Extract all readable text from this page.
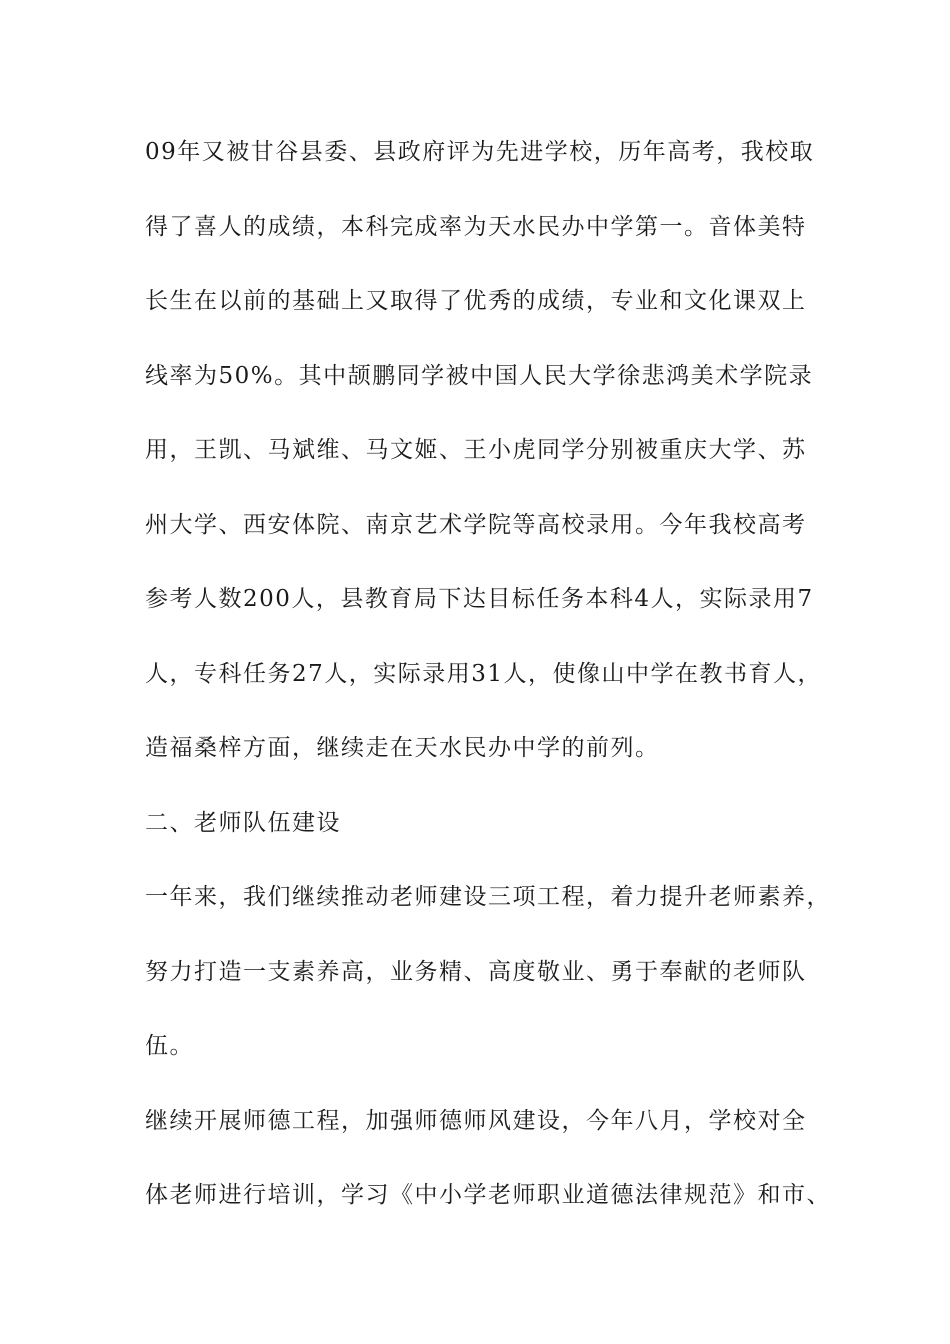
09年又被甘谷县委、县政府评为先进学校，历年高考，我校取
得了喜人的成绩，本科完成率为天水民办中学第一。音体美特
长生在以前的基础上又取得了优秀的成绩，专业和文化课双上
线率为50%。其中颉鹏同学被中国人民大学徐悲鸿美术学院录
用，王凯、马斌维、马文姬、王小虎同学分别被重庆大学、苏
州大学、西安体院、南京艺术学院等高校录用。今年我校高考
参考人数200人，县教育局下达目标任务本科4人，实际录用7
人，专科任务27人，实际录用31人，使像山中学在教书育人，
造福桑梓方面，继续走在天水民办中学的前列。
二、老师队伍建设
一年来，我们继续推动老师建设三项工程，着力提升老师素养，
努力打造一支素养高，业务精、高度敬业、勇于奉献的老师队
伍。
继续开展师德工程，加强师德师风建设，今年八月，学校对全
体老师进行培训，学习《中小学老师职业道德法律规范》和市、
